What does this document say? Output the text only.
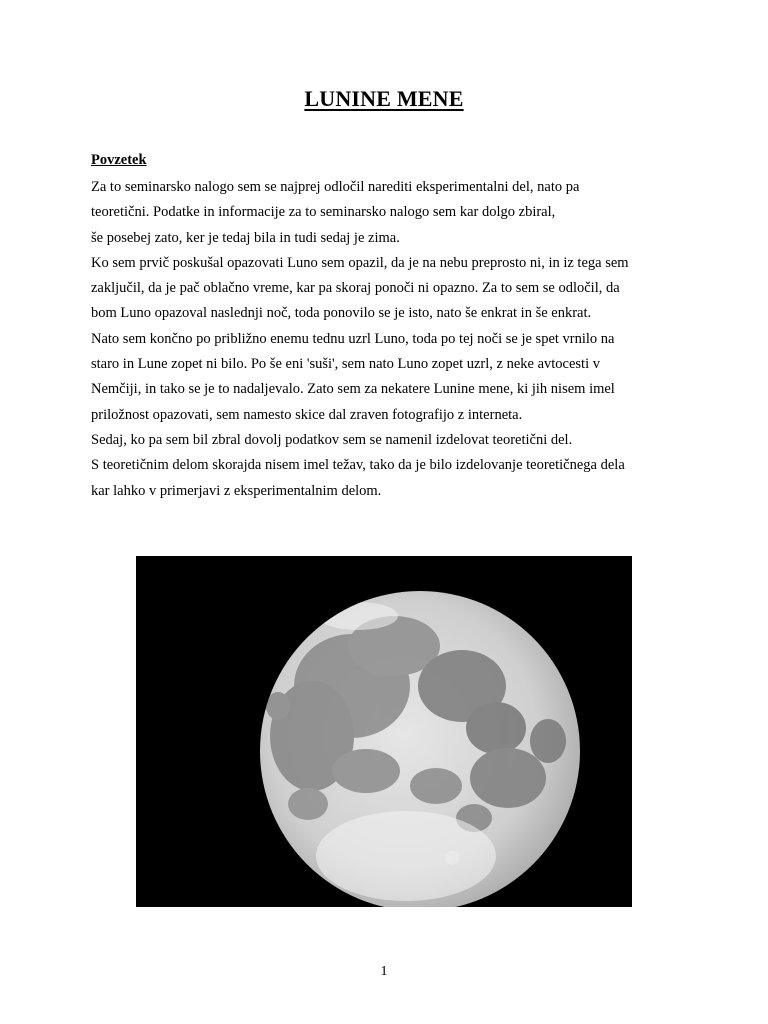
LUNINE MENE
Povzetek
Za to seminarsko nalogo sem se najprej odločil narediti eksperimentalni del, nato pa
teoretični. Podatke in informacije za to seminarsko nalogo sem kar dolgo zbiral,
še posebej zato, ker je tedaj bila in tudi sedaj je zima.
Ko sem prvič poskušal opazovati Luno sem opazil, da je na nebu preprosto ni, in iz tega sem
zaključil, da je pač oblačno vreme, kar pa skoraj ponoči ni opazno. Za to sem se odločil, da
bom Luno opazoval naslednji noč, toda ponovilo se je isto, nato še enkrat in še enkrat.
Nato sem končno po približno enemu tednu uzrl Luno, toda po tej noči se je spet vrnilo na
staro in Lune zopet ni bilo. Po še eni 'suši', sem nato Luno zopet uzrl, z neke avtocesti v
Nemčiji, in tako se je to nadaljevalo. Zato sem za nekatere Lunine mene, ki jih nisem imel
priložnost opazovati, sem namesto skice dal zraven fotografijo z interneta.
Sedaj, ko pa sem bil zbral dovolj podatkov sem se namenil izdelovat teoretični del.
S teoretičnim delom skorajda nisem imel težav, tako da je bilo izdelovanje teoretičnega dela
kar lahko v primerjavi z eksperimentalnim delom.
1
